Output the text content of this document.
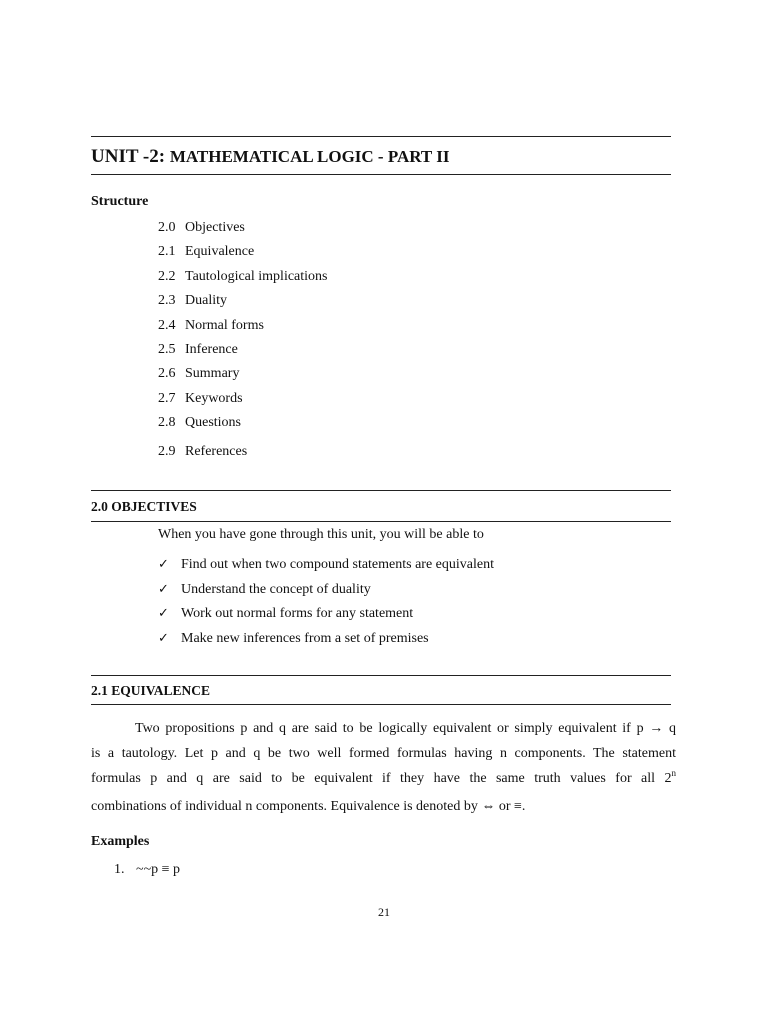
UNIT -2: MATHEMATICAL LOGIC - PART II
Structure
2.0 Objectives
2.1 Equivalence
2.2 Tautological implications
2.3 Duality
2.4 Normal forms
2.5 Inference
2.6 Summary
2.7 Keywords
2.8 Questions
2.9 References
2.0 OBJECTIVES
When you have gone through this unit, you will be able to
✓ Find out when two compound statements are equivalent
✓ Understand the concept of duality
✓ Work out normal forms for any statement
✓ Make new inferences from a set of premises
2.1 EQUIVALENCE
Two propositions p and q are said to be logically equivalent or simply equivalent if p → q
is a tautology. Let p and q be two well formed formulas having n components. The statement
formulas p and q are said to be equivalent if they have the same truth values for all 2$^n$
combinations of individual n components. Equivalence is denoted by ⇔ or ≡.
Examples
1. ~~p ≡ p
21
